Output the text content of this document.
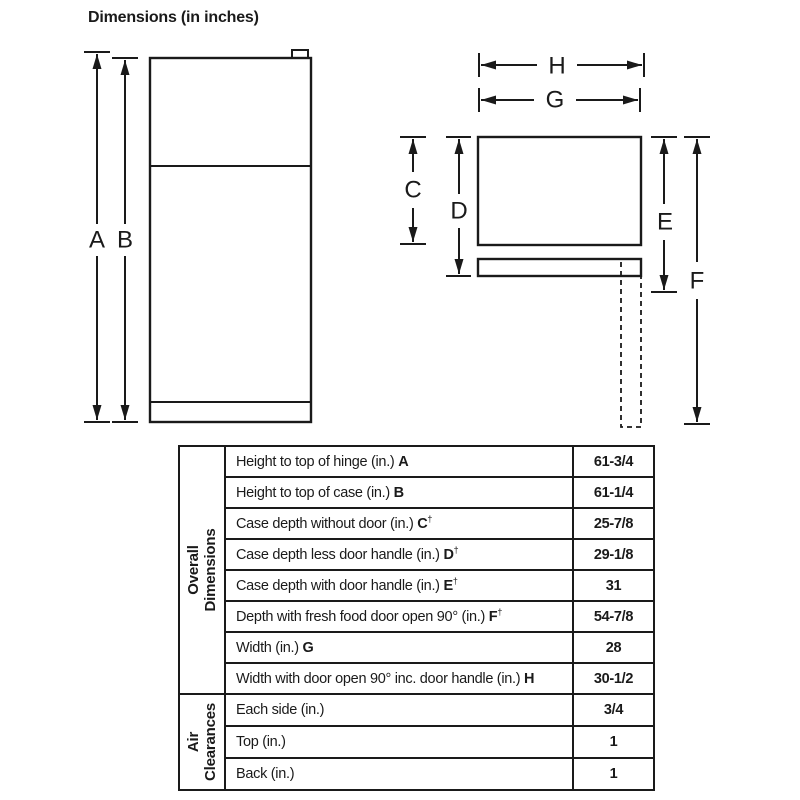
Dimensions (in inches)
A B
H
G
C
D	E
F
Overall Dimensions	Height to top of hinge (in.) A	61-3/4
	Height to top of case (in.) B	61-1/4
	Case depth without door (in.) C†	25-7/8
	Case depth less door handle (in.) D†	29-1/8
	Case depth with door handle (in.) E†	31
	Depth with fresh food door open 90° (in.) F†	54-7/8
	Width (in.) G	28
	Width with door open 90° inc. door handle (in.) H	30-1/2

Air Clearances	Each side (in.)	3/4
	Top (in.)	1
	Back (in.)	1
